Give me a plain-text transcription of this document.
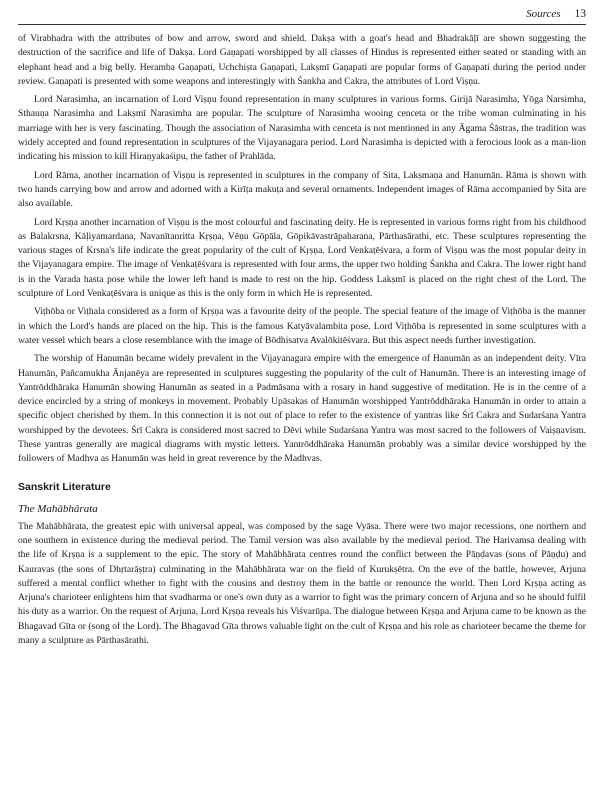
Sources 13

of Virabhadra with the attributes of bow and arrow, sword and shield. Dakṣa with a goat's head and Bhadrakāḷī are shown suggesting the destruction of the sacrifice and life of Dakṣa. Lord Gaṇapati worshipped by all classes of Hindus is represented either seated or standing with an elephant head and a big belly. Heramba Gaṇapati, Uchchiṣta Gaṇapati, Lakṣmī Gaṇapati are popular forms of Gaṇapati during the period under review. Gaṇapati is presented with some weapons and interestingly with Śankha and Cakra, the attributes of Lord Viṣṇu.

Lord Narasimha, an incarnation of Lord Viṣṇu found representation in many sculptures in various forms. Girijā Narasimha, Yōga Narsimha, Sthauṇa Narasimha and Lakṣmī Narasimha are popular. The sculpture of Narasimha wooing cenceta or the tribe woman culminating in his marriage with her is very fascinating. Though the association of Narasimha with cenceta is not mentioned in any Āgama Śāstras, the tradition was widely accepted and found representation in sculptures of the Vijayanagara period. Lord Narasimha is depicted with a ferocious look as a man-lion indicating his mission to kill Hiraṇyakaśipu, the father of Prahlāda.

Lord Rāma, another incarnation of Viṣṇu is represented in sculptures in the company of Sita, Lakṣmaṇa and Hanumān. Rāma is shown with two hands carrying bow and arrow and adorned with a Kirīṭa makuṭa and several ornaments. Independent images of Rāma accompanied by Sita are also available.

Lord Kṛṣṇa another incarnation of Viṣṇu is the most colourful and fascinating deity. He is represented in various forms right from his childhood as Balakrsna, Kāḷiyamardana, Navanītanritta Kṛṣṇa, Vēṇu Gōpāla, Gōpikāvastrāpaharana, Pārthasārathi, etc. These sculptures representing the various stages of Krsna's life indicate the great popularity of the cult of Kṛṣṇa. Lord Venkaṭēśvara, a form of Viṣṇu was the most popular deity in the Vijayanagara empire. The image of Venkaṭēśvara is represented with four arms, the upper two holding Śankha and Cakra. The lower right hand is in the Varada hasta pose while the lower left hand is made to rest on the hip. Goddess Lakṣmī is placed on the right chest of the Lord. The sculpture of Lord Venkaṭēśvara is unique as this is the only form in which He is represented.

Viṭhōba or Viṭhala considered as a form of Kṛṣṇa was a favourite deity of the people. The special feature of the image of Viṭhōba is the manner in which the Lord's hands are placed on the hip. This is the famous Katyāvalambita pose. Lord Viṭhōba is represented in some sculptures with a water vessel which bears a close resemblance with the image of Bōdhisatva Avalōkitēśvara. But this aspect needs further investigation.

The worship of Hanumān became widely prevalent in the Vijayanagara empire with the emergence of Hanumān as an independent deity. Vīra Hanumān, Pañcamukha Ānjanēya are represented in sculptures suggesting the popularity of the cult of Hanumān. There is an interesting image of Yantrōddhāraka Hanumān showing Hanumān as seated in a Padmāsana with a rosary in hand suggestive of meditation. He is in the centre of a device encircled by a string of monkeys in movement. Probably Upāsakas of Hanumān worshipped Yantrōddhāraka Hanumān in order to attain a specific object cherished by them. In this connection it is not out of place to refer to the existence of yantras like Śrī Cakra and Sudarśana Yantra worshipped by the devotees. Śrī Cakra is considered most sacred to Dēvi while Sudarśana Yantra was most sacred to the followers of Vaiṣṇavism. These yantras generally are magical diagrams with mystic letters. Yantrōddhāraka Hanumān probably was a similar device worshipped by the followers of Madhva as Hanumān was held in great reverence by the Madhvas.

Sanskrit Literature
The Mahābhārata

The Mahābhārata, the greatest epic with universal appeal, was composed by the sage Vyāsa. There were two major recessions, one northern and one southern in existence during the medieval period. The Tamil version was also available by the medieval period. The Harivamsa dealing with the life of Kṛṣṇa is a supplement to the epic. The story of Mahābhārata centres round the conflict between the Pāṇḍavas (sons of Pāṇḍu) and Kauravas (the sons of Dhṛtarāṣṭra) culminating in the Mahābhārata war on the field of Kurukṣētra. On the eve of the battle, however, Arjuna suffered a mental conflict whether to fight with the cousins and destroy them in the battle or renounce the world. Then Lord Kṛṣṇa acting as Arjuna's charioteer enlightens him that svadharma or one's own duty as a warrior to fight was the primary concern of Arjuna and so he should fulfil his duty as a warrior. On the request of Arjuna, Lord Kṛṣṇa reveals his Viśvarūpa. The dialogue between Kṛṣṇa and Arjuna came to be known as the Bhagavad Gīta or (song of the Lord). The Bhagavad Gīta throws valuable light on the cult of Kṛṣṇa and his role as charioteer became the theme for many a sculpture as Pārthasārathi.
